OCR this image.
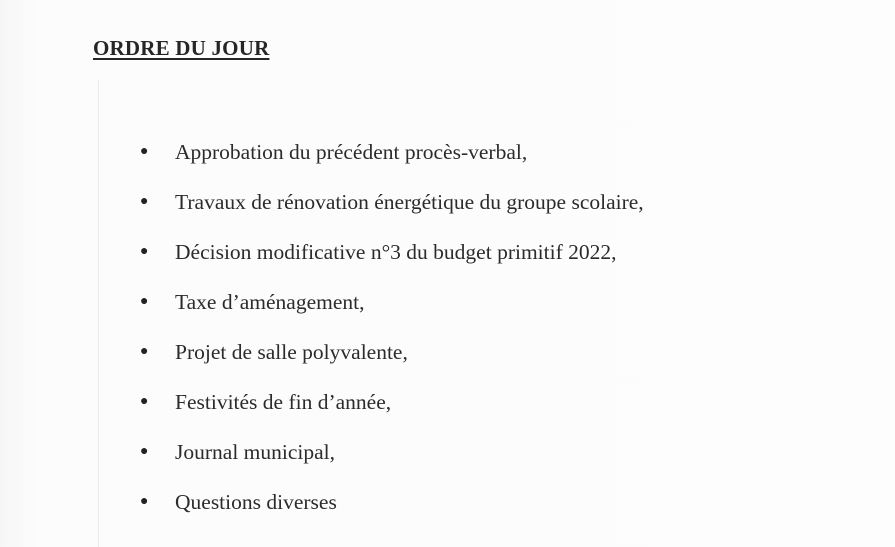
ORDRE DU JOUR
● Approbation du précédent procès-verbal,
● Travaux de rénovation énergétique du groupe scolaire,
● Décision modificative n°3 du budget primitif 2022,
● Taxe d’aménagement,
● Projet de salle polyvalente,
● Festivités de fin d’année,
● Journal municipal,
● Questions diverses
